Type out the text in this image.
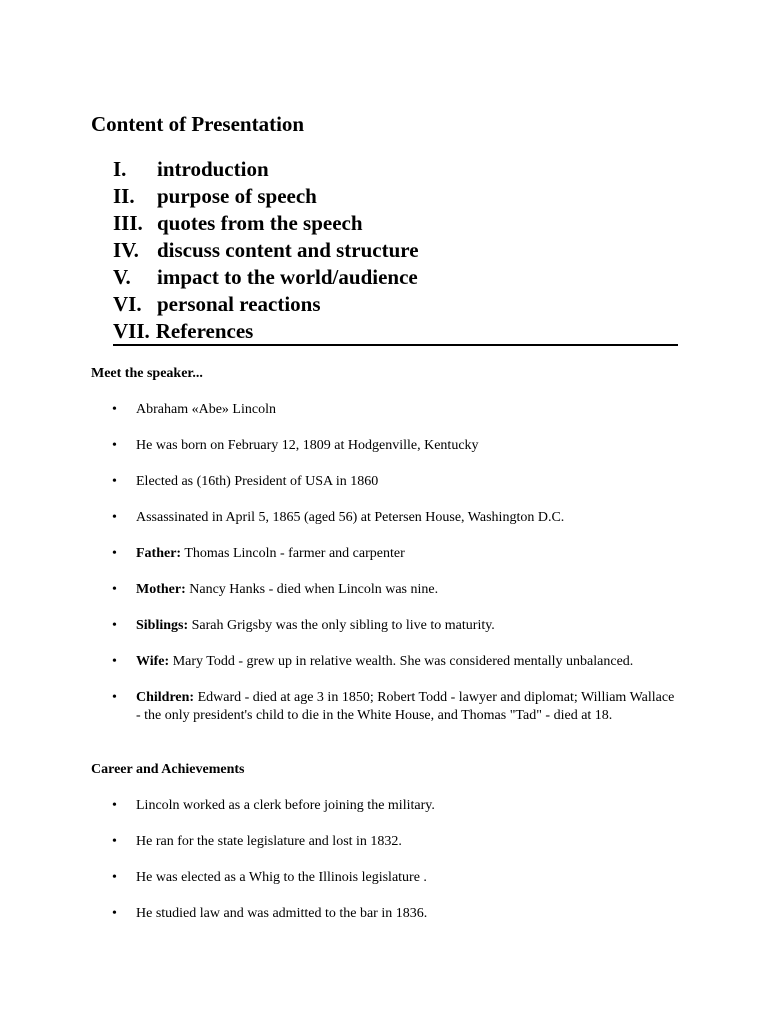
Content of Presentation
I.	introduction
II.	purpose of speech
III. quotes from the speech
IV. discuss content and structure
V.	impact to the world/audience
VI. personal reactions
VII. References
Meet the speaker...
• Abraham «Abe» Lincoln
• He was born on February 12, 1809 at Hodgenville, Kentucky
• Elected as (16th) President of USA in 1860
• Assassinated in April 5, 1865 (aged 56) at Petersen House, Washington D.C.
• Father: Thomas Lincoln - farmer and carpenter
• Mother: Nancy Hanks - died when Lincoln was nine.
• Siblings: Sarah Grigsby was the only sibling to live to maturity.
• Wife: Mary Todd - grew up in relative wealth. She was considered mentally unbalanced.
• Children: Edward - died at age 3 in 1850; Robert Todd - lawyer and diplomat; William Wallace - the only president's child to die in the White House, and Thomas "Tad" - died at 18.
Career and Achievements
• Lincoln worked as a clerk before joining the military.
• He ran for the state legislature and lost in 1832.
• He was elected as a Whig to the Illinois legislature .
• He studied law and was admitted to the bar in 1836.
